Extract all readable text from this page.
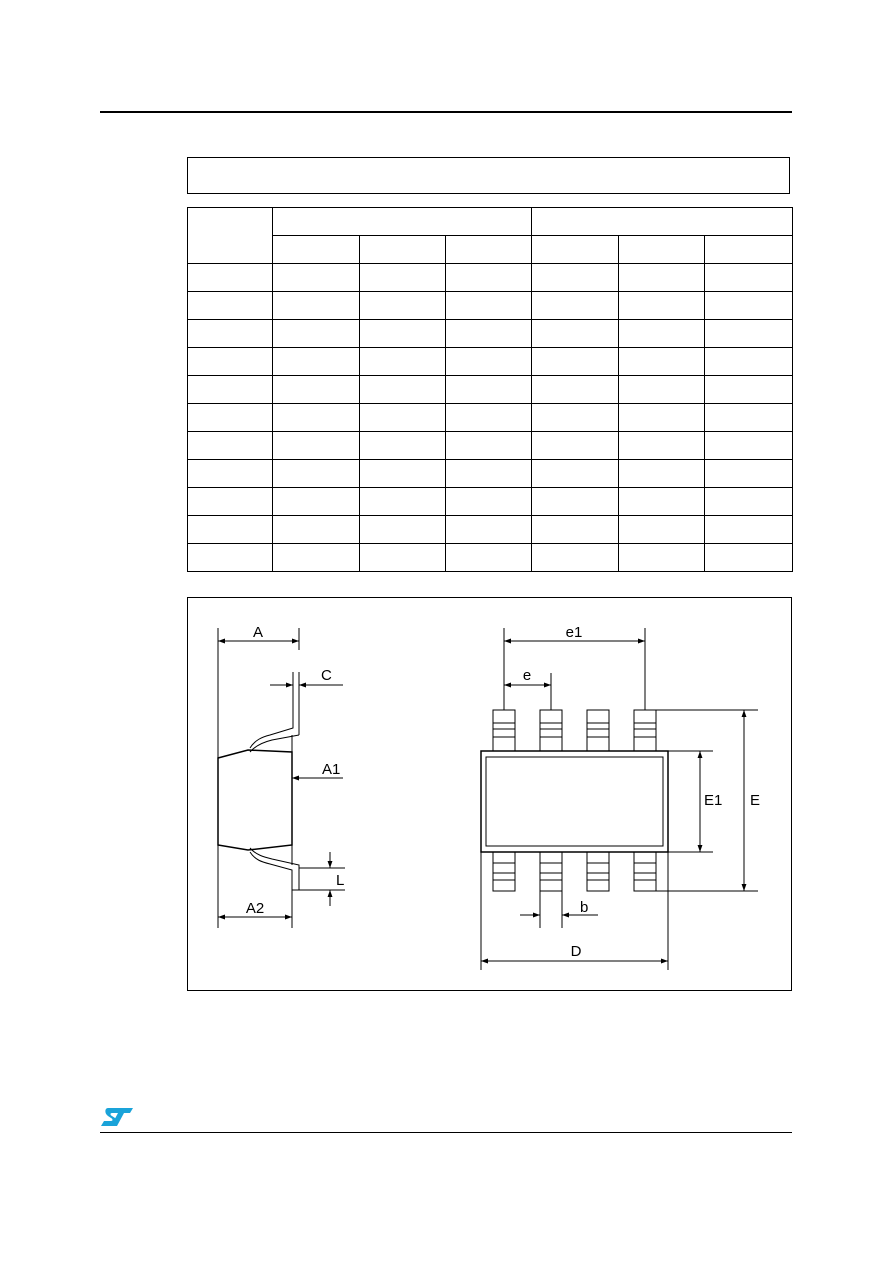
A
C
A1
L
A2
e1
e
E1 E
b
D
